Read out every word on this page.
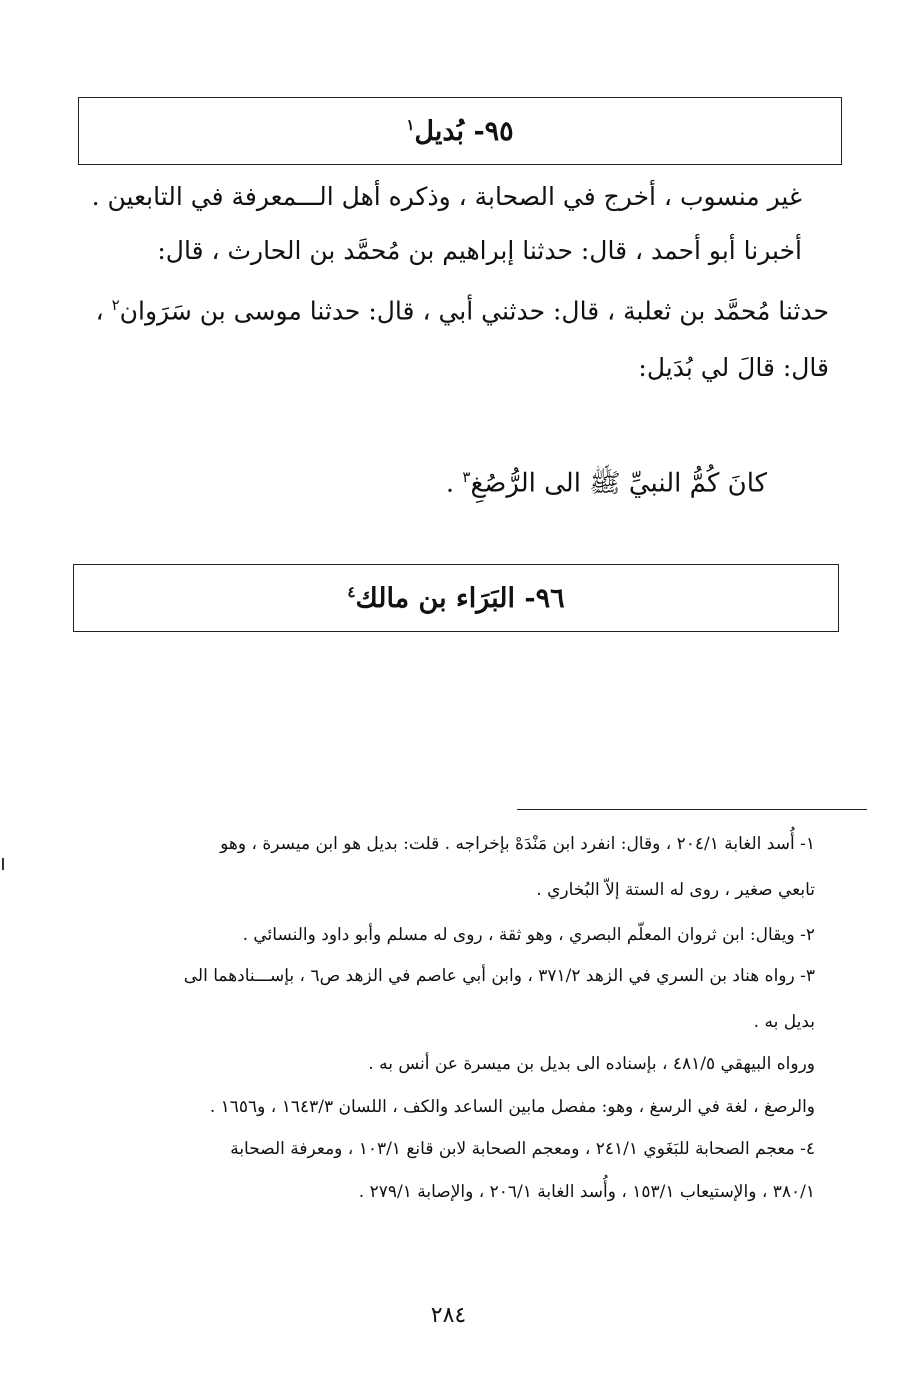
٩٥- بُديل$^١$
غير منسوب ، أخرج في الصحابة ، وذكره أهل الـــمعرفة في التابعين .
أخبرنا أبو أحمد ، قال: حدثنا إبراهيم بن مُحمَّد بن الحارث ، قال:
حدثنا مُحمَّد بن ثعلبة ، قال: حدثني أبي ، قال: حدثنا موسى بن سَرَوان$^٢$ ،
قال: قالَ لي بُدَيل:
كانَ كُمُّ النبيِّ ﷺ الى الرُّصُغِ$^٣$ .
٩٦- البَرَاء بن مالك$^٤$
١- أُسد الغابة ٢٠٤/١ ، وقال: انفرد ابن مَنْدَهْ بإخراجه . قلت: بديل هو ابن ميسرة ، وهو
تابعي صغير ، روى له الستة إلاّ البُخاري .
٢- ويقال: ابن ثروان المعلّم البصري ، وهو ثقة ، روى له مسلم وأبو داود والنسائي .
٣- رواه هناد بن السري في الزهد ٣٧١/٢ ، وابن أبي عاصم في الزهد ص٦ ، بإســـنادهما الى
بديل به .
ورواه البيهقي ٤٨١/٥ ، بإسناده الى بديل بن ميسرة عن أنس به .
والرصغ ، لغة في الرسغ ، وهو: مفصل مابين الساعد والكف ، اللسان ١٦٤٣/٣ ، و١٦٥٦ .
٤- معجم الصحابة للبَغَوي ٢٤١/١ ، ومعجم الصحابة لابن قانع ١٠٣/١ ، ومعرفة الصحابة
٣٨٠/١ ، والإستيعاب ١٥٣/١ ، وأُسد الغابة ٢٠٦/١ ، والإصابة ٢٧٩/١ .
٢٨٤
